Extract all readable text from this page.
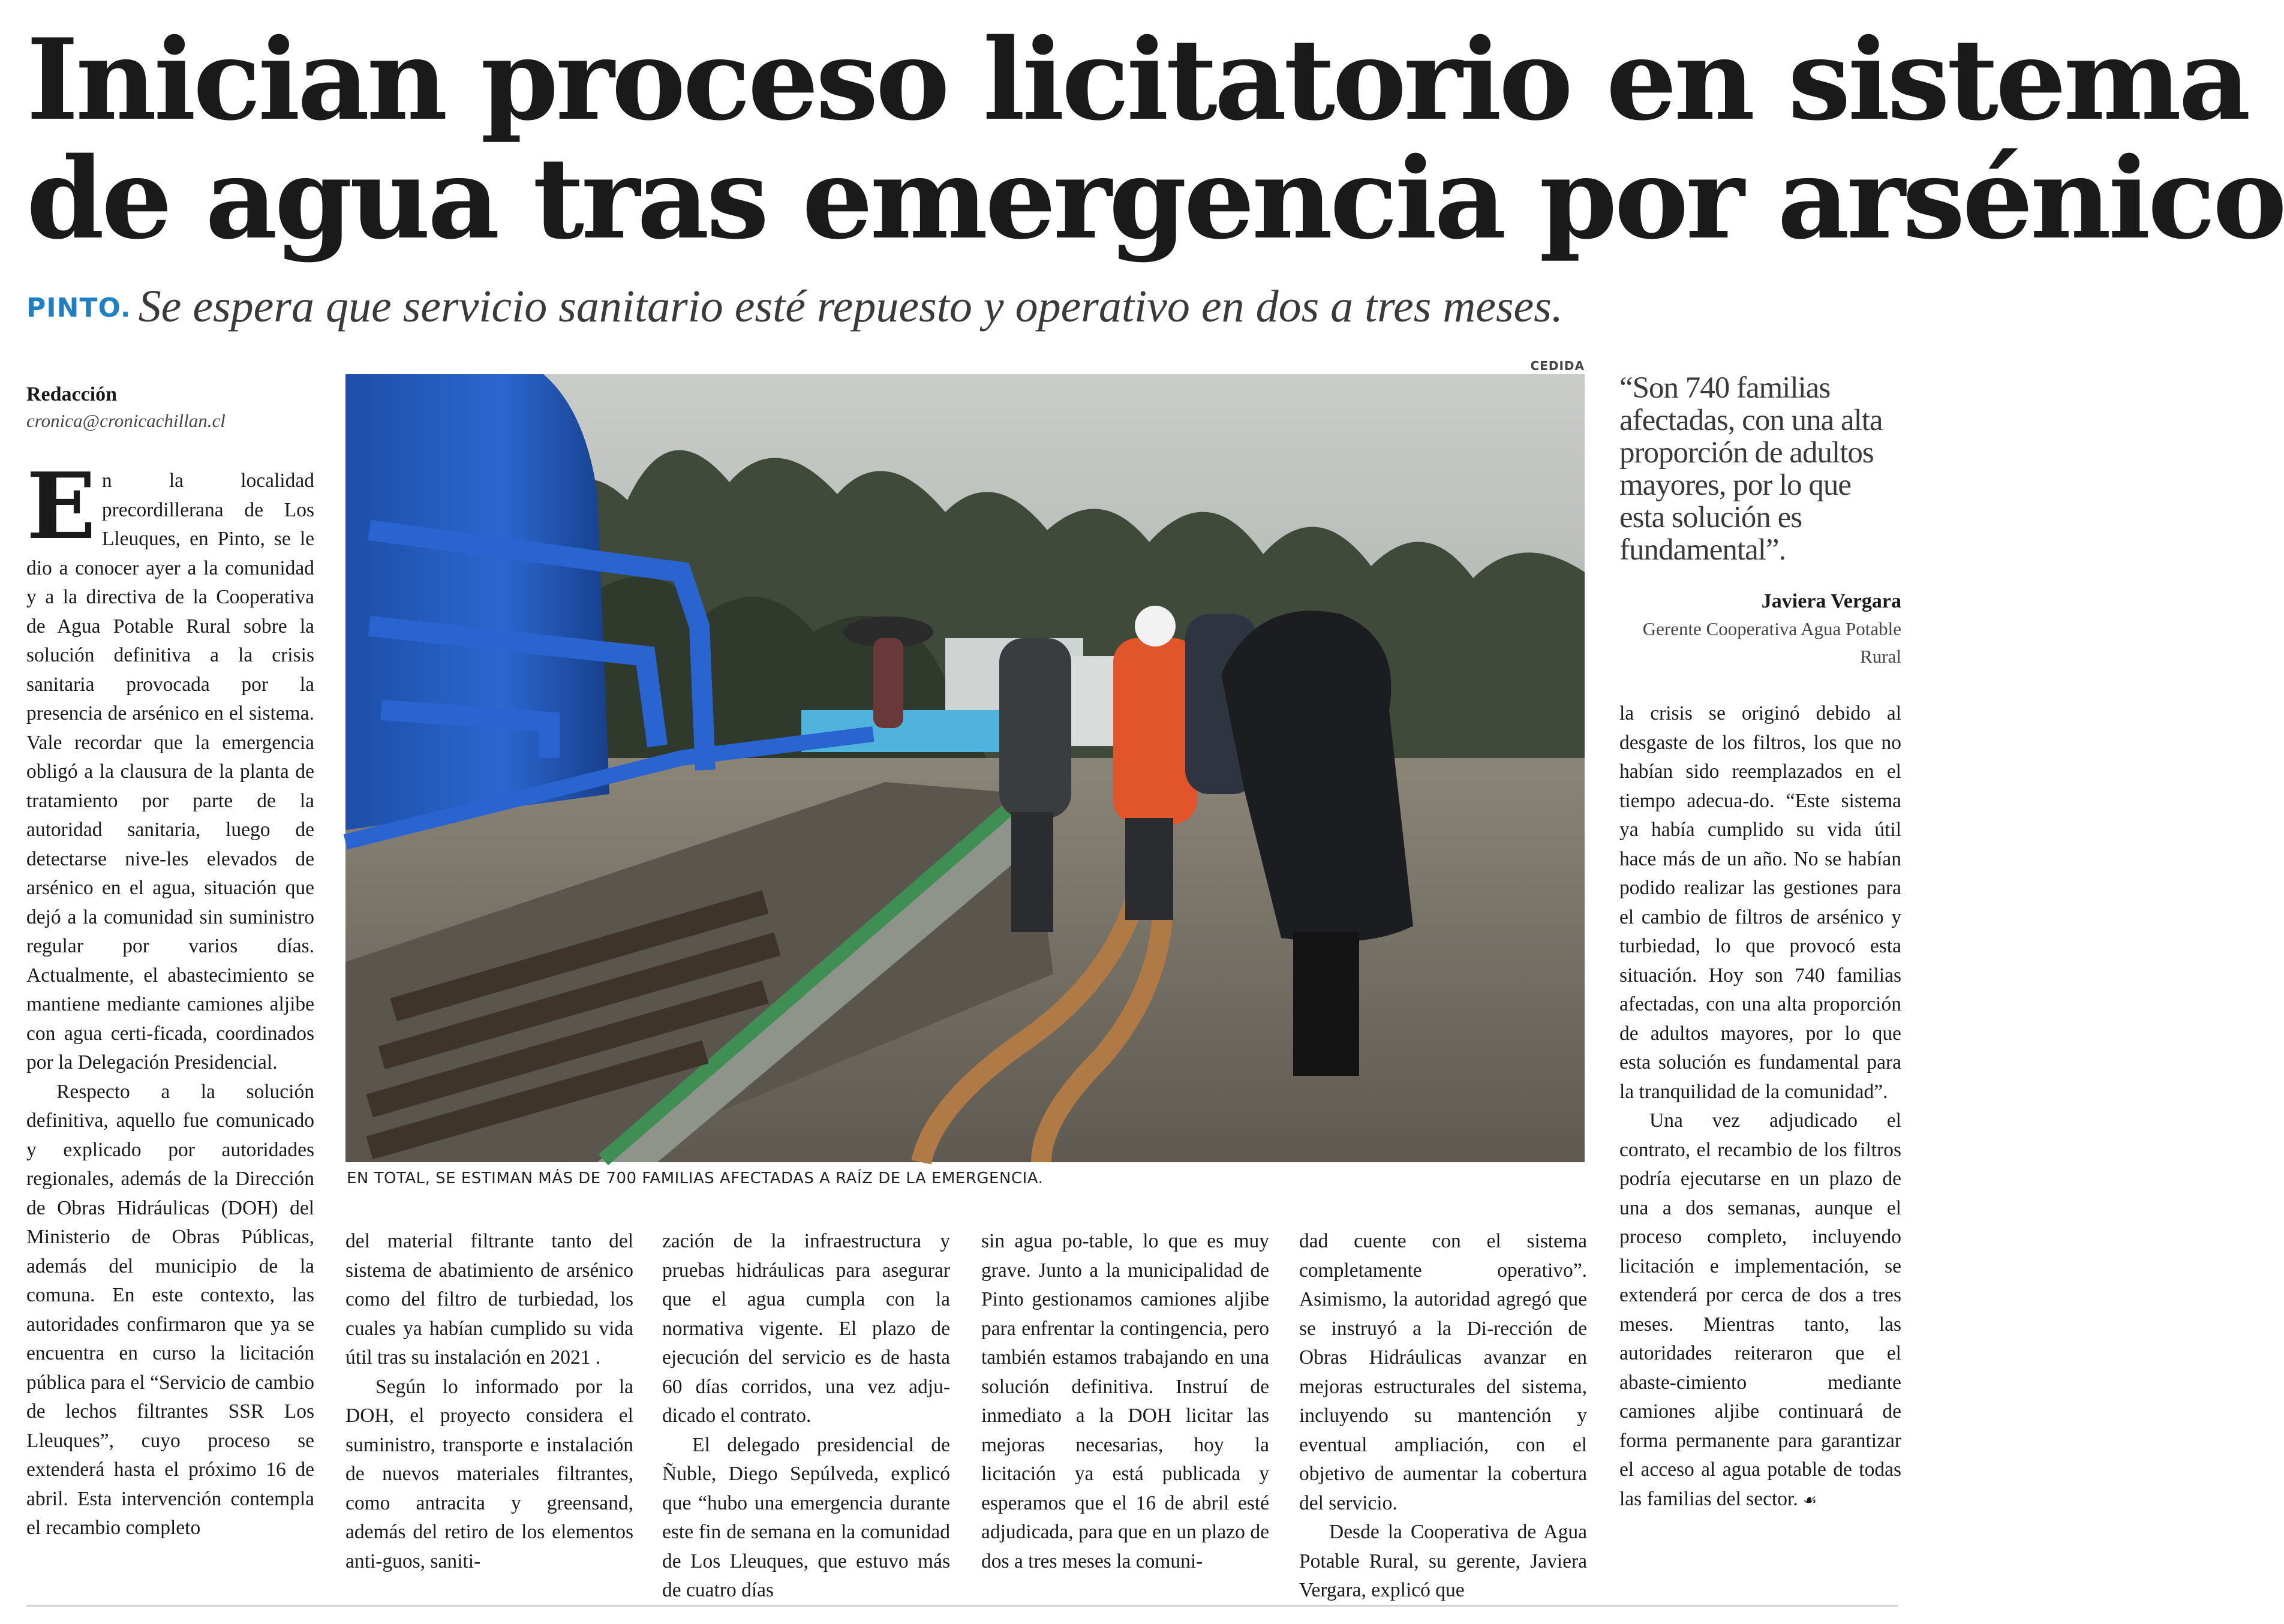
Inician proceso licitatorio en sistema
de agua tras emergencia por arsénico
PINTO. Se espera que servicio sanitario esté repuesto y operativo en dos a tres meses.
Redacción
cronica@cronicachillan.cl

En la localidad precordillerana de Los Lleuques, en Pinto, se le dio a conocer ayer a la comunidad y a la directiva de la Cooperativa de Agua Potable Rural sobre la solución definitiva a la crisis sanitaria provocada por la presencia de arsénico en el sistema. Vale recordar que la emergencia obligó a la clausura de la planta de tratamiento por parte de la autoridad sanitaria, luego de detectarse nive-les elevados de arsénico en el agua, situación que dejó a la comunidad sin suministro regular por varios días. Actualmente, el abastecimiento se mantiene mediante camiones aljibe con agua certi-ficada, coordinados por la Delegación Presidencial.

Respecto a la solución definitiva, aquello fue comunicado y explicado por autoridades regionales, además de la Dirección de Obras Hidráulicas (DOH) del Ministerio de Obras Públicas, además del municipio de la comuna. En este contexto, las autoridades confirmaron que ya se encuentra en curso la licitación pública para el “Servicio de cambio de lechos filtrantes SSR Los Lleuques”, cuyo proceso se extenderá hasta el próximo 16 de abril. Esta intervención contempla el recambio completo

CEDIDA
EN TOTAL, SE ESTIMAN MÁS DE 700 FAMILIAS AFECTADAS A RAÍZ DE LA EMERGENCIA.
“Son 740 familias afectadas, con una alta proporción de adultos mayores, por lo que esta solución es fundamental”.
Javiera Vergara
Gerente Cooperativa Agua Potable Rural

del material filtrante tanto del sistema de abatimiento de arsénico como del filtro de turbiedad, los cuales ya habían cumplido su vida útil tras su instalación en 2021 .

Según lo informado por la DOH, el proyecto considera el suministro, transporte e instalación de nuevos materiales filtrantes, como antracita y greensand, además del retiro de los elementos anti-guos, saniti-

zación de la infraestructura y pruebas hidráulicas para asegurar que el agua cumpla con la normativa vigente. El plazo de ejecución del servicio es de hasta 60 días corridos, una vez adju-dicado el contrato.

El delegado presidencial de Ñuble, Diego Sepúlveda, explicó que “hubo una emergencia durante este fin de semana en la comunidad de Los Lleuques, que estuvo más de cuatro días

sin agua po-table, lo que es muy grave. Junto a la municipalidad de Pinto gestionamos camiones aljibe para enfrentar la contingencia, pero también estamos trabajando en una solución definitiva. Instruí de inmediato a la DOH licitar las mejoras necesarias, hoy la licitación ya está publicada y esperamos que el 16 de abril esté adjudicada, para que en un plazo de dos a tres meses la comuni-

dad cuente con el sistema completamente operativo”. Asimismo, la autoridad agregó que se instruyó a la Di-rección de Obras Hidráulicas avanzar en mejoras estructurales del sistema, incluyendo su mantención y eventual ampliación, con el objetivo de aumentar la cobertura del servicio.

Desde la Cooperativa de Agua Potable Rural, su gerente, Javiera Vergara, explicó que

la crisis se originó debido al desgaste de los filtros, los que no habían sido reemplazados en el tiempo adecua-do. “Este sistema ya había cumplido su vida útil hace más de un año. No se habían podido realizar las gestiones para el cambio de filtros de arsénico y turbiedad, lo que provocó esta situación. Hoy son 740 familias afectadas, con una alta proporción de adultos mayores, por lo que esta solución es fundamental para la tranquilidad de la comunidad”.

Una vez adjudicado el contrato, el recambio de los filtros podría ejecutarse en un plazo de una a dos semanas, aunque el proceso completo, incluyendo licitación e implementación, se extenderá por cerca de dos a tres meses. Mientras tanto, las autoridades reiteraron que el abaste-cimiento mediante camiones aljibe continuará de forma permanente para garantizar el acceso al agua potable de todas las familias del sector. ☙
